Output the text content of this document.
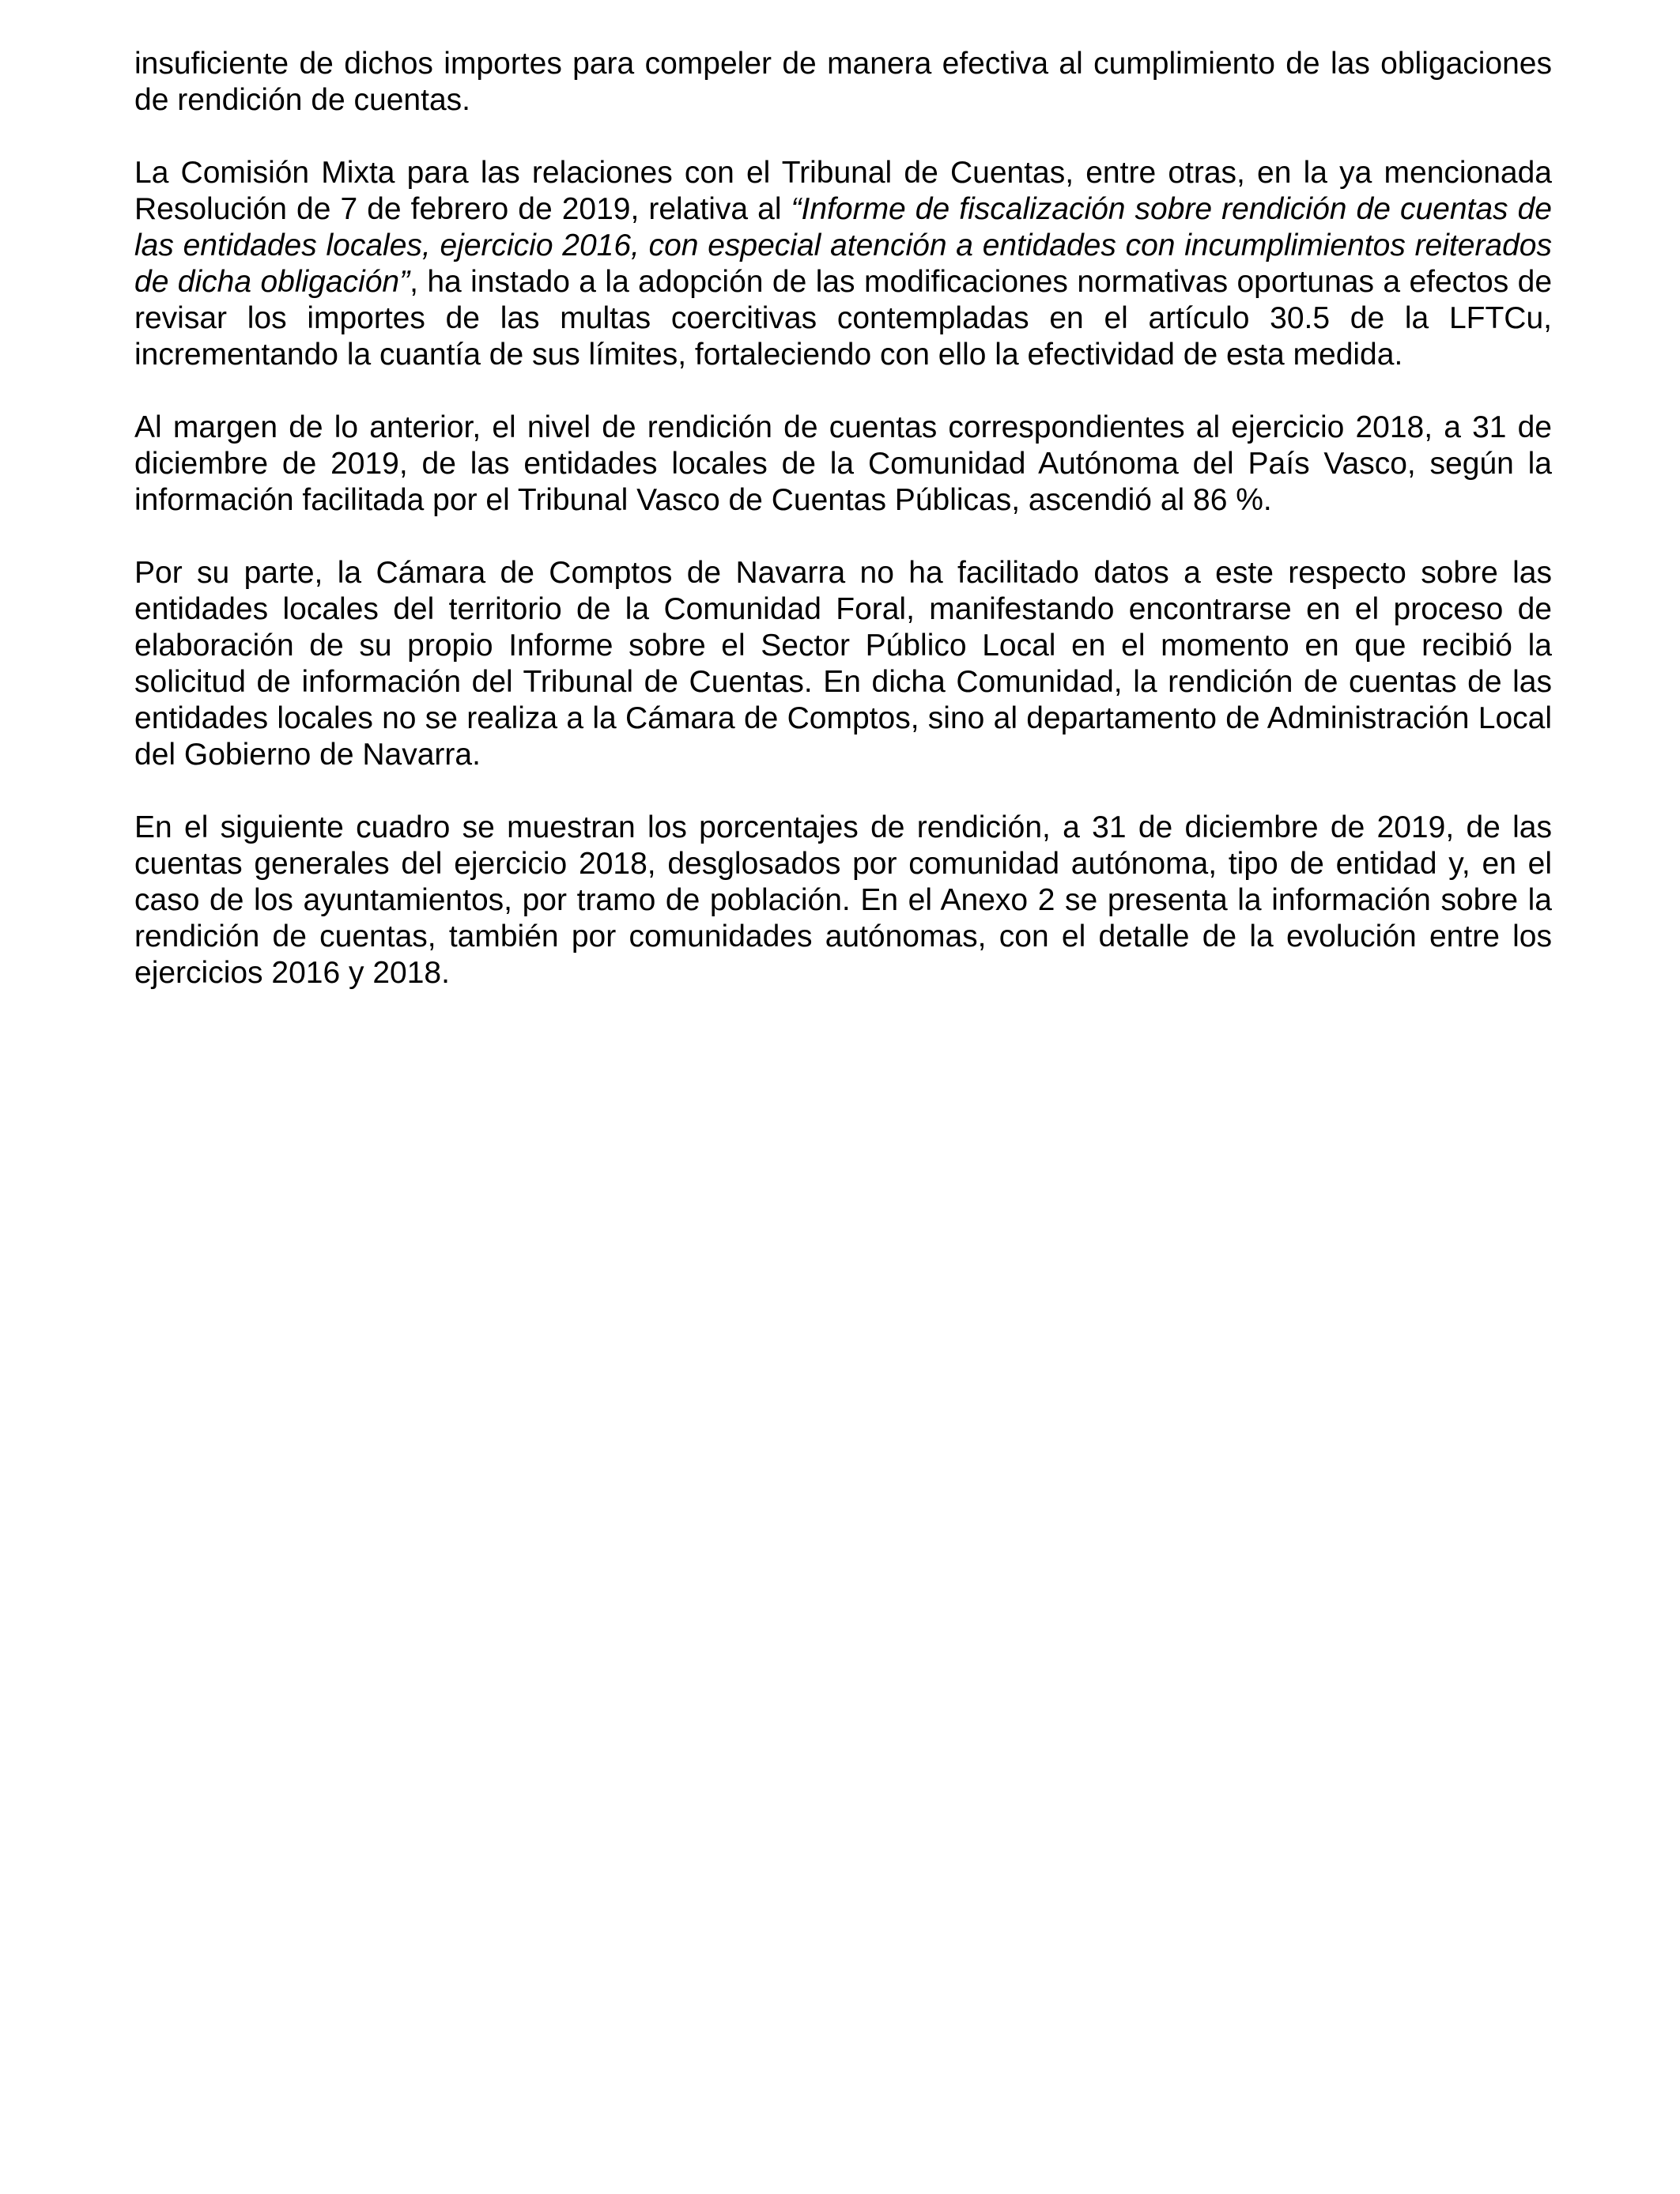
insuficiente de dichos importes para compeler de manera efectiva al cumplimiento de las obligaciones de rendición de cuentas.

La Comisión Mixta para las relaciones con el Tribunal de Cuentas, entre otras, en la ya mencionada Resolución de 7 de febrero de 2019, relativa al “Informe de fiscalización sobre rendición de cuentas de las entidades locales, ejercicio 2016, con especial atención a entidades con incumplimientos reiterados de dicha obligación”, ha instado a la adopción de las modificaciones normativas oportunas a efectos de revisar los importes de las multas coercitivas contempladas en el artículo 30.5 de la LFTCu, incrementando la cuantía de sus límites, fortaleciendo con ello la efectividad de esta medida.

Al margen de lo anterior, el nivel de rendición de cuentas correspondientes al ejercicio 2018, a 31 de diciembre de 2019, de las entidades locales de la Comunidad Autónoma del País Vasco, según la información facilitada por el Tribunal Vasco de Cuentas Públicas, ascendió al 86 %.

Por su parte, la Cámara de Comptos de Navarra no ha facilitado datos a este respecto sobre las entidades locales del territorio de la Comunidad Foral, manifestando encontrarse en el proceso de elaboración de su propio Informe sobre el Sector Público Local en el momento en que recibió la solicitud de información del Tribunal de Cuentas. En dicha Comunidad, la rendición de cuentas de las entidades locales no se realiza a la Cámara de Comptos, sino al departamento de Administración Local del Gobierno de Navarra.

En el siguiente cuadro se muestran los porcentajes de rendición, a 31 de diciembre de 2019, de las cuentas generales del ejercicio 2018, desglosados por comunidad autónoma, tipo de entidad y, en el caso de los ayuntamientos, por tramo de población. En el Anexo 2 se presenta la información sobre la rendición de cuentas, también por comunidades autónomas, con el detalle de la evolución entre los ejercicios 2016 y 2018.
